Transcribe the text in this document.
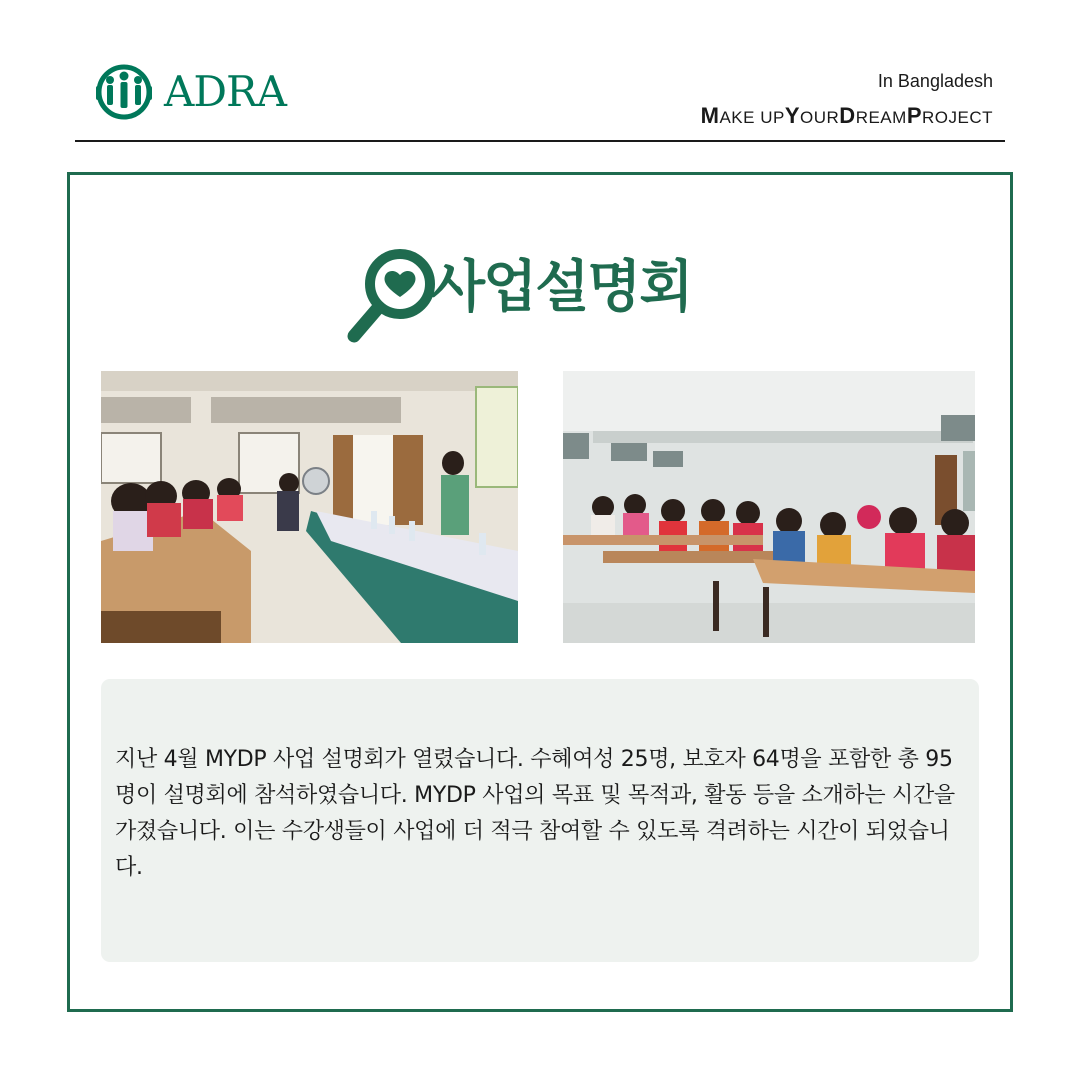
ADRA	In Bangladesh
MAKE UPYOURDREAMPROJECT
사업설명회

지난 4월 MYDP 사업 설명회가 열렸습니다. 수혜여성 25명, 보호자 64명을 포함한 총 95명이 설명회에 참석하였습니다. MYDP 사업의 목표 및 목적과, 활동 등을 소개하는 시간을 가졌습니다. 이는 수강생들이 사업에 더 적극 참여할 수 있도록 격려하는 시간이 되었습니다.
